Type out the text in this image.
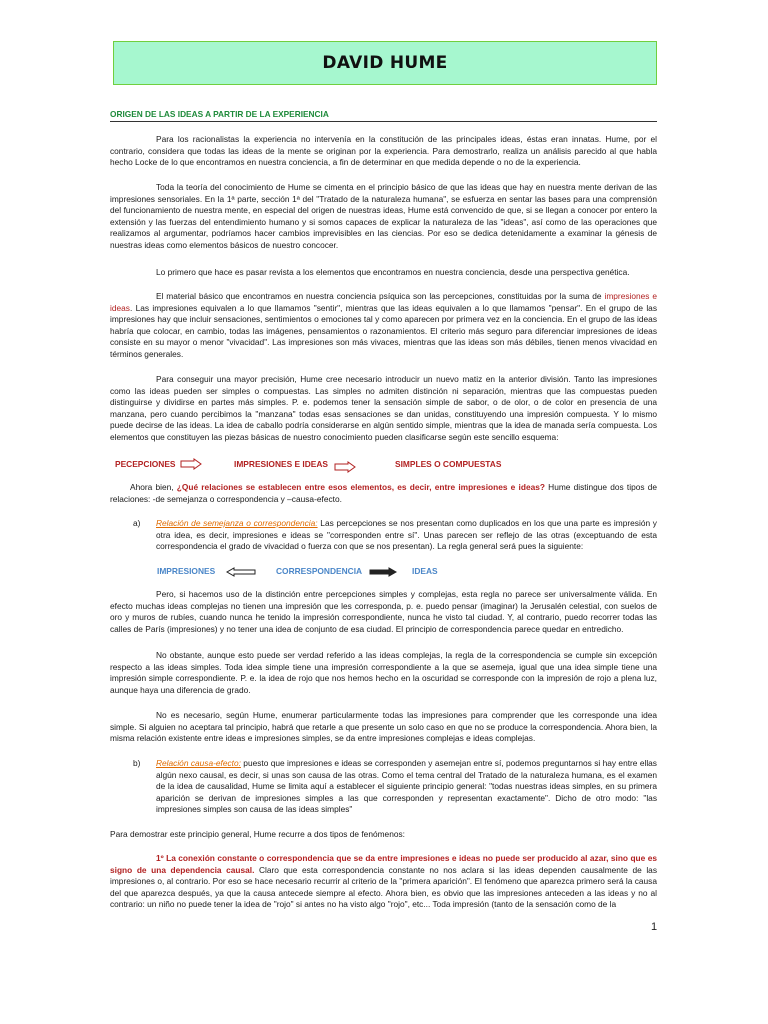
DAVID HUME
ORIGEN DE LAS IDEAS A PARTIR DE LA EXPERIENCIA
Para los racionalistas la experiencia no intervenía en la constitución de las principales ideas, éstas eran innatas. Hume, por el contrario, considera que todas las ideas de la mente se originan por la experiencia. Para demostrarlo, realiza un análisis parecido al que habla hecho Locke de lo que encontramos en nuestra conciencia, a fin de determinar en que medida depende o no de la experiencia.
Toda la teoría del conocimiento de Hume se cimenta en el principio básico de que las ideas que hay en nuestra mente derivan de las impresiones sensoriales. En la 1ª parte, sección 1ª del "Tratado de la naturaleza humana", se esfuerza en sentar las bases para una comprensión del funcionamiento de nuestra mente, en especial del origen de nuestras ideas, Hume está convencido de que, si se llegan a conocer por entero la extensión y las fuerzas del entendimiento humano y si somos capaces de explicar la naturaleza de las "ideas", así como de las operaciones que realizamos al argumentar, podríamos hacer cambios imprevisibles en las ciencias. Por eso se dedica detenidamente a examinar la génesis de nuestras ideas como elementos básicos de nuestro concocer.
Lo primero que hace es pasar revista a los elementos que encontramos en nuestra conciencia, desde una perspectiva genética.
El material básico que encontramos en nuestra conciencia psíquica son las percepciones, constituidas por la suma de impresiones e ideas. Las impresiones equivalen a lo que llamamos "sentir", mientras que las ideas equivalen a lo que llamamos "pensar". En el grupo de las impresiones hay que incluir sensaciones, sentimientos o emociones tal y como aparecen por primera vez en la conciencia. En el grupo de las ideas habría que colocar, en cambio, todas las imágenes, pensamientos o razonamientos. El criterio más seguro para diferenciar impresiones de ideas consiste en su mayor o menor "vivacidad". Las impresiones son más vivaces, mientras que las ideas son más débiles, tienen menos vivacidad en términos generales.
Para conseguir una mayor precisión, Hume cree necesario introducir un nuevo matiz en la anterior división. Tanto las impresiones como las ideas pueden ser simples o compuestas. Las simples no admiten distinción ni separación, mientras que las compuestas pueden distinguirse y dividirse en partes más simples. P. e. podemos tener la sensación simple de sabor, o de olor, o de color en presencia de una manzana, pero cuando percibimos la "manzana" todas esas sensaciones se dan unidas, constituyendo una impresión compuesta. Y lo mismo puede decirse de las ideas. La idea de caballo podría considerarse en algún sentido simple, mientras que la idea de manada sería compuesta. Los elementos que constituyen las piezas básicas de nuestro conocimiento pueden clasificarse según este sencillo esquema:
PECEPCIONES	IMPRESIONES E IDEAS	SIMPLES O COMPUESTAS
Ahora bien, ¿Qué relaciones se establecen entre esos elementos, es decir, entre impresiones e ideas? Hume distingue dos tipos de relaciones: -de semejanza o correspondencia y –causa-efecto.
a) Relación de semejanza o correspondencia: Las percepciones se nos presentan como duplicados en los que una parte es impresión y otra idea, es decir, impresiones e ideas se "corresponden entre sí". Unas parecen ser reflejo de las otras (exceptuando de esta correspondencia el grado de vivacidad o fuerza con que se nos presentan). La regla general será pues la siguiente:
IMPRESIONES	CORRESPONDENCIA	IDEAS
Pero, si hacemos uso de la distinción entre percepciones simples y complejas, esta regla no parece ser universalmente válida. En efecto muchas ideas complejas no tienen una impresión que les corresponda, p. e. puedo pensar (imaginar) la Jerusalén celestial, con suelos de oro y muros de rubíes, cuando nunca he tenido la impresión correspondiente, nunca he visto tal ciudad. Y, al contrario, puedo recorrer todas las calles de París (impresiones) y no tener una idea de conjunto de esa ciudad. El principio de correspondencia parece quedar en entredicho.
No obstante, aunque esto puede ser verdad referido a las ideas complejas, la regla de la correspondencia se cumple sin excepción respecto a las ideas simples. Toda idea simple tiene una impresión correspondiente a la que se asemeja, igual que una idea simple tiene una impresión simple correspondiente. P. e. la idea de rojo que nos hemos hecho en la oscuridad se corresponde con la impresión de rojo a plena luz, aunque haya una diferencia de grado.
No es necesario, según Hume, enumerar particularmente todas las impresiones para comprender que les corresponde una idea simple. Si alguien no aceptara tal principio, habrá que retarle a que presente un solo caso en que no se produce la correspondencia. Ahora bien, la misma relación existente entre ideas e impresiones simples, se da entre impresiones complejas e ideas complejas.
b) Relación causa-efecto: puesto que impresiones e ideas se corresponden y asemejan entre sí, podemos preguntarnos si hay entre ellas algún nexo causal, es decir, si unas son causa de las otras. Como el tema central del Tratado de la naturaleza humana, es el examen de la idea de causalidad, Hume se limita aquí a establecer el siguiente principio general: "todas nuestras ideas simples, en su primera aparición se derivan de impresiones simples a las que corresponden y representan exactamente". Dicho de otro modo: "las impresiones simples son causa de las ideas simples"
Para demostrar este principio general, Hume recurre a dos tipos de fenómenos:
1º La conexión constante o correspondencia que se da entre impresiones e ideas no puede ser producido al azar, sino que es signo de una dependencia causal. Claro que esta correspondencia constante no nos aclara si las ideas dependen causalmente de las impresiones o, al contrario. Por eso se hace necesario recurrir al criterio de la "primera aparición". El fenómeno que aparezca primero será la causa del que aparezca después, ya que la causa antecede siempre al efecto. Ahora bien, es obvio que las impresiones anteceden a las ideas y no al contrario: un niño no puede tener la idea de "rojo" si antes no ha visto algo "rojo", etc... Toda impresión (tanto de la sensación como de la
1
